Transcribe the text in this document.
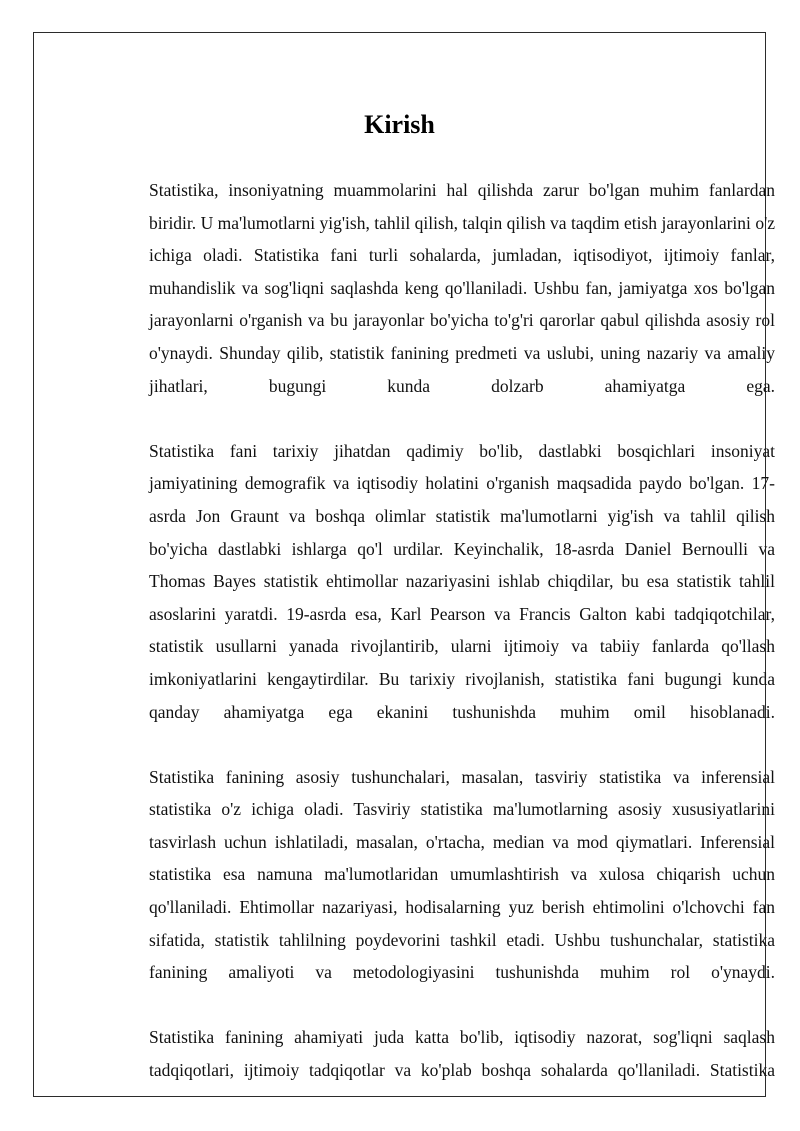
Kirish

Statistika, insoniyatning muammolarini hal qilishda zarur bo'lgan muhim fanlardan biridir. U ma'lumotlarni yig'ish, tahlil qilish, talqin qilish va taqdim etish jarayonlarini o'z ichiga oladi. Statistika fani turli sohalarda, jumladan, iqtisodiyot, ijtimoiy fanlar, muhandislik va sog'liqni saqlashda keng qo'llaniladi. Ushbu fan, jamiyatga xos bo'lgan jarayonlarni o'rganish va bu jarayonlar bo'yicha to'g'ri qarorlar qabul qilishda asosiy rol o'ynaydi. Shunday qilib, statistik fanining predmeti va uslubi, uning nazariy va amaliy jihatlari, bugungi kunda dolzarb ahamiyatga ega.

Statistika fani tarixiy jihatdan qadimiy bo'lib, dastlabki bosqichlari insoniyat jamiyatining demografik va iqtisodiy holatini o'rganish maqsadida paydo bo'lgan. 17-asrda Jon Graunt va boshqa olimlar statistik ma'lumotlarni yig'ish va tahlil qilish bo'yicha dastlabki ishlarga qo'l urdilar. Keyinchalik, 18-asrda Daniel Bernoulli va Thomas Bayes statistik ehtimollar nazariyasini ishlab chiqdilar, bu esa statistik tahlil asoslarini yaratdi. 19-asrda esa, Karl Pearson va Francis Galton kabi tadqiqotchilar, statistik usullarni yanada rivojlantirib, ularni ijtimoiy va tabiiy fanlarda qo'llash imkoniyatlarini kengaytirdilar. Bu tarixiy rivojlanish, statistika fani bugungi kunda qanday ahamiyatga ega ekanini tushunishda muhim omil hisoblanadi.

Statistika fanining asosiy tushunchalari, masalan, tasviriy statistika va inferensial statistika o'z ichiga oladi. Tasviriy statistika ma'lumotlarning asosiy xususiyatlarini tasvirlash uchun ishlatiladi, masalan, o'rtacha, median va mod qiymatlari. Inferensial statistika esa namuna ma'lumotlaridan umumlashtirish va xulosa chiqarish uchun qo'llaniladi. Ehtimollar nazariyasi, hodisalarning yuz berish ehtimolini o'lchovchi fan sifatida, statistik tahlilning poydevorini tashkil etadi. Ushbu tushunchalar, statistika fanining amaliyoti va metodologiyasini tushunishda muhim rol o'ynaydi.

Statistika fanining ahamiyati juda katta bo'lib, iqtisodiy nazorat, sog'liqni saqlash tadqiqotlari, ijtimoiy tadqiqotlar va ko'plab boshqa sohalarda qo'llaniladi. Statistika
